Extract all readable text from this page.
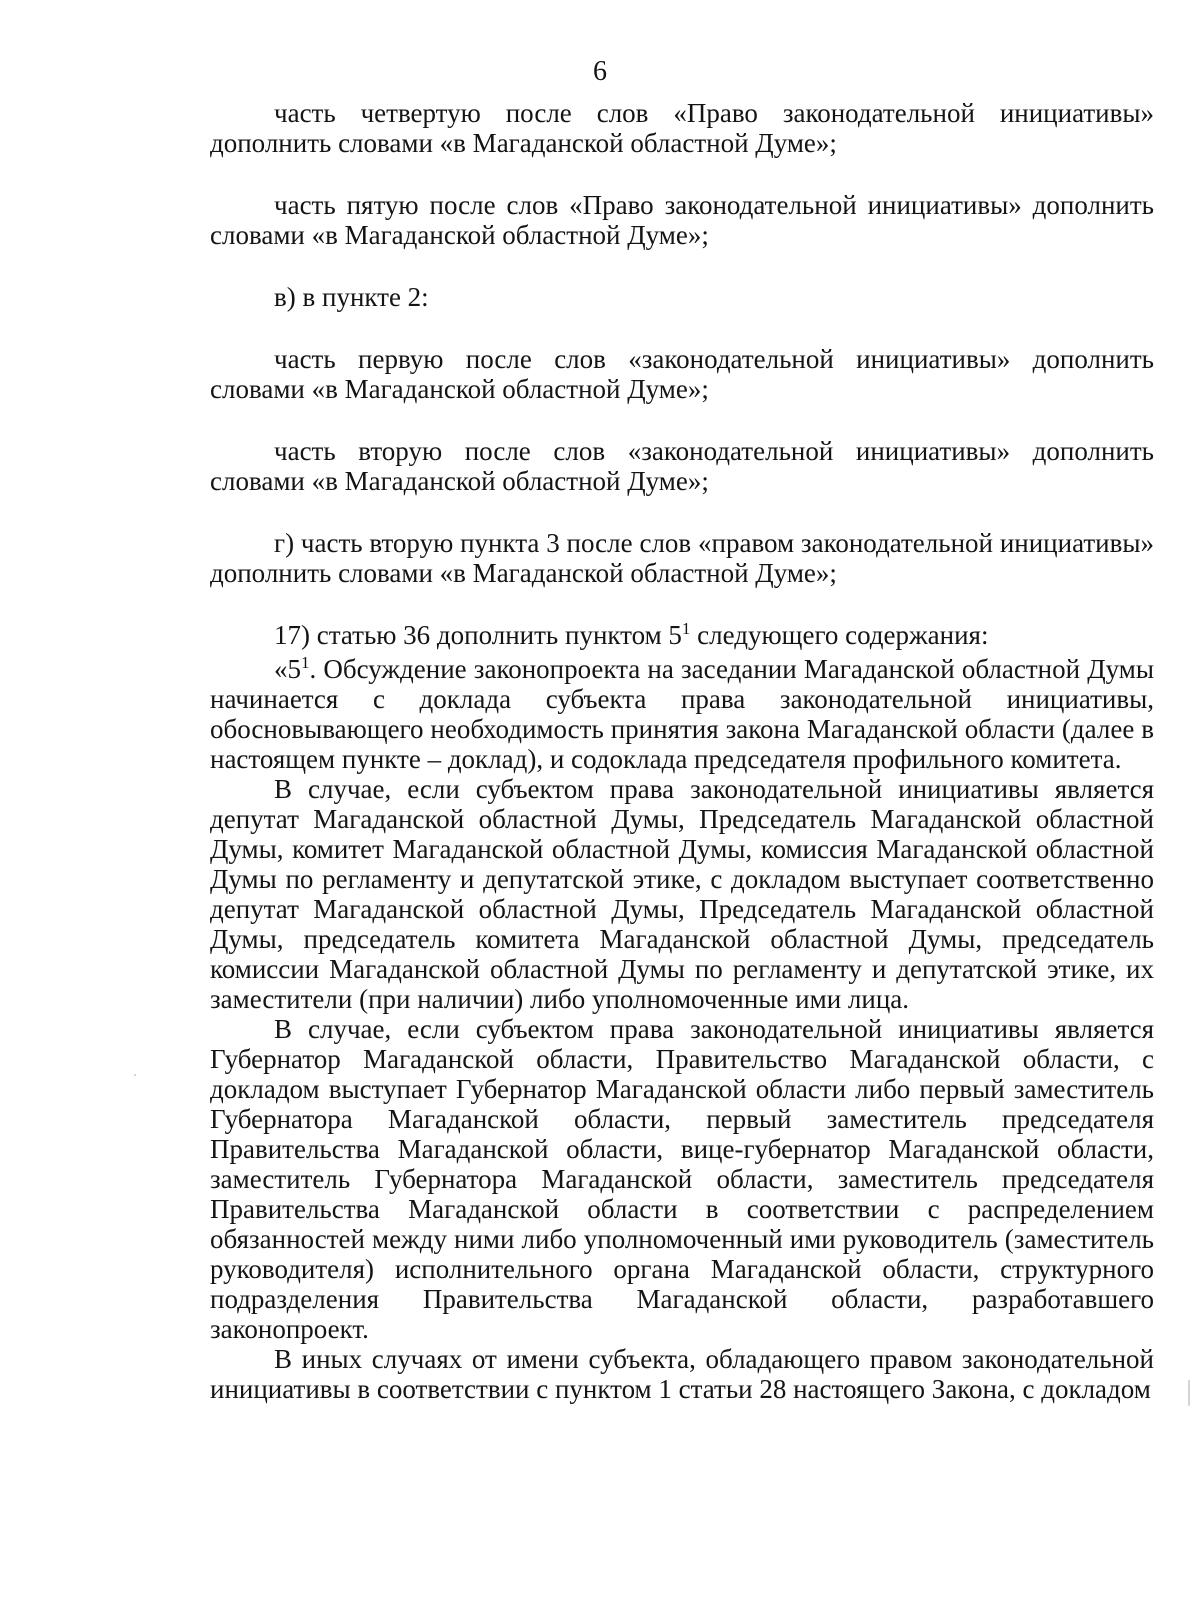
6

часть четвертую после слов «Право законодательной инициативы» дополнить словами «в Магаданской областной Думе»;

часть пятую после слов «Право законодательной инициативы» дополнить словами «в Магаданской областной Думе»;

в) в пункте 2:

часть первую после слов «законодательной инициативы» дополнить словами «в Магаданской областной Думе»;

часть вторую после слов «законодательной инициативы» дополнить словами «в Магаданской областной Думе»;

г) часть вторую пункта 3 после слов «правом законодательной инициативы» дополнить словами «в Магаданской областной Думе»;

17) статью 36 дополнить пунктом $5^1$ следующего содержания:

«$5^1$. Обсуждение законопроекта на заседании Магаданской областной Думы начинается с доклада субъекта права законодательной инициативы, обосновывающего необходимость принятия закона Магаданской области (далее в настоящем пункте – доклад), и содоклада председателя профильного комитета.

В случае, если субъектом права законодательной инициативы является депутат Магаданской областной Думы, Председатель Магаданской областной Думы, комитет Магаданской областной Думы, комиссия Магаданской областной Думы по регламенту и депутатской этике, с докладом выступает соответственно депутат Магаданской областной Думы, Председатель Магаданской областной Думы, председатель комитета Магаданской областной Думы, председатель комиссии Магаданской областной Думы по регламенту и депутатской этике, их заместители (при наличии) либо уполномоченные ими лица.

В случае, если субъектом права законодательной инициативы является Губернатор Магаданской области, Правительство Магаданской области, с докладом выступает Губернатор Магаданской области либо первый заместитель Губернатора Магаданской области, первый заместитель председателя Правительства Магаданской области, вице-губернатор Магаданской области, заместитель Губернатора Магаданской области, заместитель председателя Правительства Магаданской области в соответствии с распределением обязанностей между ними либо уполномоченный ими руководитель (заместитель руководителя) исполнительного органа Магаданской области, структурного подразделения Правительства Магаданской области, разработавшего законопроект.

В иных случаях от имени субъекта, обладающего правом законодательной инициативы в соответствии с пунктом 1 статьи 28 настоящего Закона, с докладом
